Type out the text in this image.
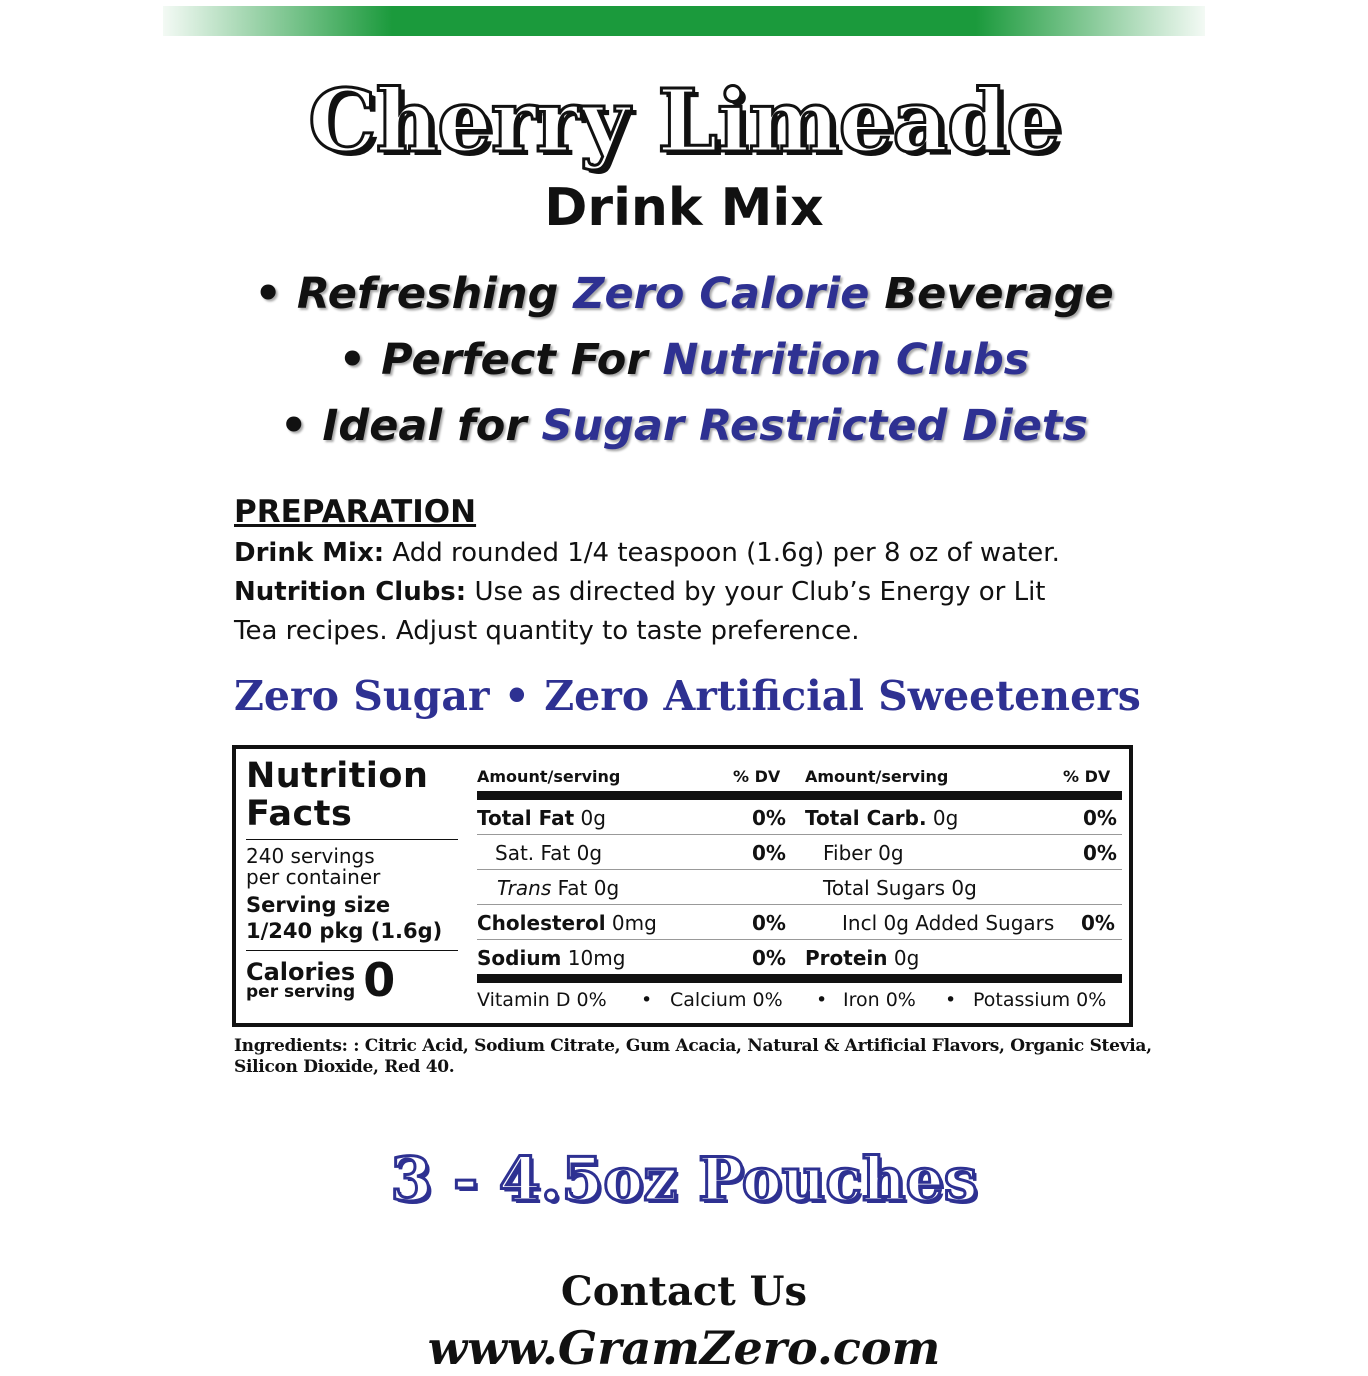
Cherry Limeade
Drink Mix
• Refreshing Zero Calorie Beverage
• Perfect For Nutrition Clubs
• Ideal for Sugar Restricted Diets
PREPARATION
Drink Mix: Add rounded 1/4 teaspoon (1.6g) per 8 oz of water.
Nutrition Clubs: Use as directed by your Club’s Energy or Lit
Tea recipes. Adjust quantity to taste preference.
Zero Sugar • Zero Artificial Sweeteners
Nutrition
Facts
240 servings
per container
Serving size
1/240 pkg (1.6g)
Calories
per serving 0
Amount/serving	% DV Amount/serving	% DV
Total Fat 0g	0% Total Carb. 0g	0%
Sat. Fat 0g	0% Fiber 0g	0%
Trans Fat 0g	Total Sugars 0g
Cholesterol 0mg	0%	Incl 0g Added Sugars 0%
Sodium 10mg	0% Protein 0g
Vitamin D 0% • Calcium 0% • Iron 0% • Potassium 0%
Ingredients: : Citric Acid, Sodium Citrate, Gum Acacia, Natural & Artificial Flavors, Organic Stevia,
Silicon Dioxide, Red 40.
3 - 4.5oz Pouches
Contact Us
www.GramZero.com
